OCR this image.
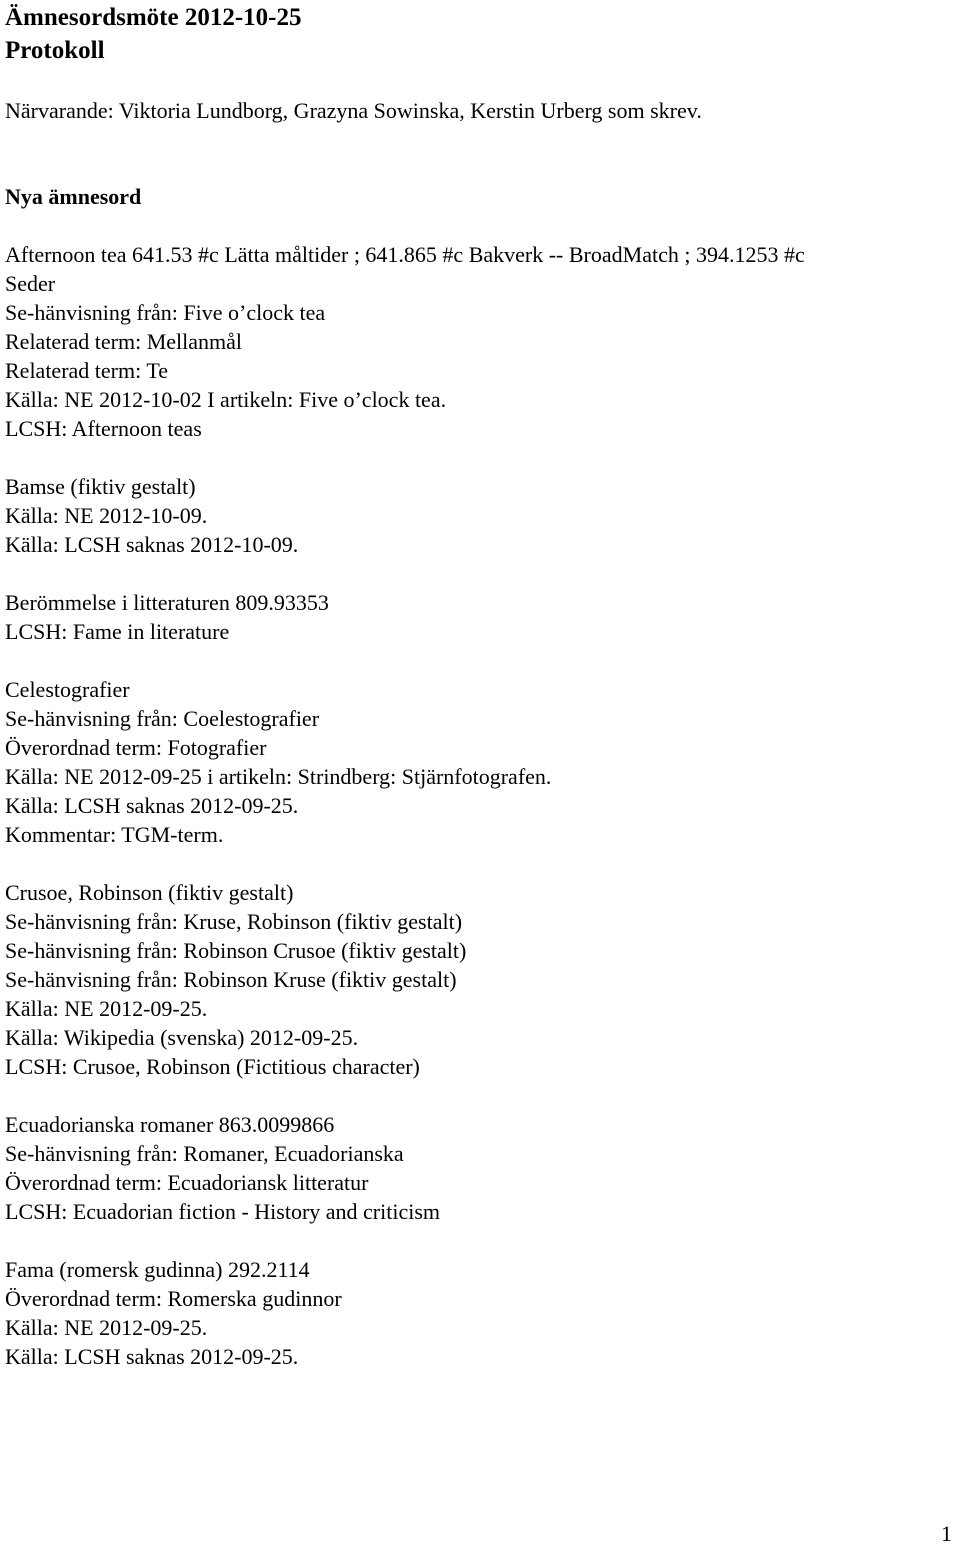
Ämnesordsmöte 2012-10-25
Protokoll

Närvarande: Viktoria Lundborg, Grazyna Sowinska, Kerstin Urberg som skrev.

Nya ämnesord
Afternoon tea 641.53 #c Lätta måltider ; 641.865 #c Bakverk -- BroadMatch ; 394.1253 #c
Seder
Se-hänvisning från: Five o’clock tea
Relaterad term: Mellanmål
Relaterad term: Te
Källa: NE 2012-10-02 I artikeln: Five o’clock tea.
LCSH: Afternoon teas
Bamse (fiktiv gestalt)
Källa: NE 2012-10-09.
Källa: LCSH saknas 2012-10-09.
Berömmelse i litteraturen 809.93353
LCSH: Fame in literature
Celestografier
Se-hänvisning från: Coelestografier
Överordnad term: Fotografier
Källa: NE 2012-09-25 i artikeln: Strindberg: Stjärnfotografen.
Källa: LCSH saknas 2012-09-25.
Kommentar: TGM-term.
Crusoe, Robinson (fiktiv gestalt)
Se-hänvisning från: Kruse, Robinson (fiktiv gestalt)
Se-hänvisning från: Robinson Crusoe (fiktiv gestalt)
Se-hänvisning från: Robinson Kruse (fiktiv gestalt)
Källa: NE 2012-09-25.
Källa: Wikipedia (svenska) 2012-09-25.
LCSH: Crusoe, Robinson (Fictitious character)
Ecuadorianska romaner 863.0099866
Se-hänvisning från: Romaner, Ecuadorianska
Överordnad term: Ecuadoriansk litteratur
LCSH: Ecuadorian fiction - History and criticism
Fama (romersk gudinna) 292.2114
Överordnad term: Romerska gudinnor
Källa: NE 2012-09-25.
Källa: LCSH saknas 2012-09-25.
1
